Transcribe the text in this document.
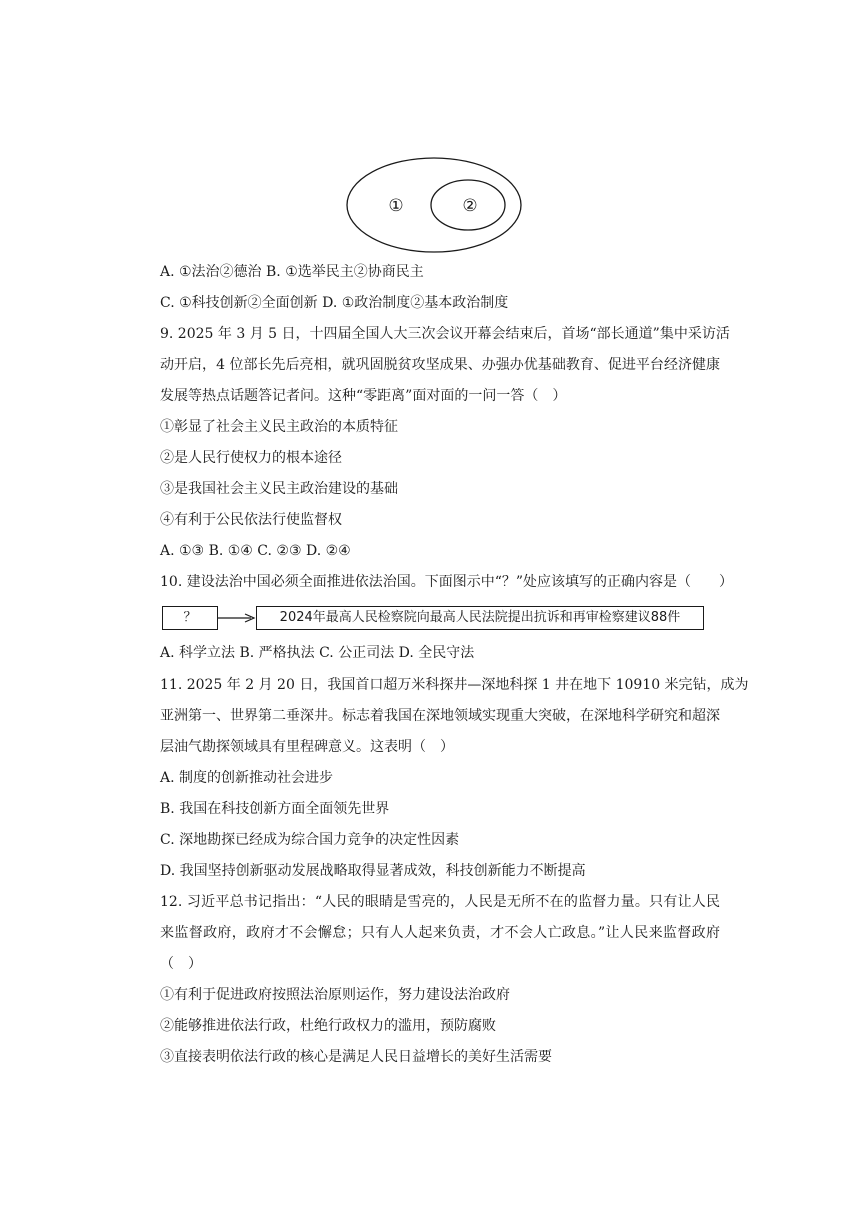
①	②
A. ①法治②德治 B. ①选举民主②协商民主
C. ①科技创新②全面创新 D. ①政治制度②基本政治制度
9. 2025 年 3 月 5 日，十四届全国人大三次会议开幕会结束后，首场“部长通道”集中采访活
动开启，4 位部长先后亮相，就巩固脱贫攻坚成果、办强办优基础教育、促进平台经济健康
发展等热点话题答记者问。这种“零距离”面对面的一问一答（　）
①彰显了社会主义民主政治的本质特征
②是人民行使权力的根本途径
③是我国社会主义民主政治建设的基础
④有利于公民依法行使监督权
A. ①③ B. ①④ C. ②③ D. ②④
10. 建设法治中国必须全面推进依法治国。下面图示中“？”处应该填写的正确内容是（　　）
？	2024年最高人民检察院向最高人民法院提出抗诉和再审检察建议88件
A. 科学立法 B. 严格执法 C. 公正司法 D. 全民守法
11. 2025 年 2 月 20 日，我国首口超万米科探井—深地科探 1 井在地下 10910 米完钻，成为
亚洲第一、世界第二垂深井。标志着我国在深地领域实现重大突破，在深地科学研究和超深
层油气勘探领域具有里程碑意义。这表明（　）
A. 制度的创新推动社会进步
B. 我国在科技创新方面全面领先世界
C. 深地勘探已经成为综合国力竞争的决定性因素
D. 我国坚持创新驱动发展战略取得显著成效，科技创新能力不断提高
12. 习近平总书记指出：“人民的眼睛是雪亮的，人民是无所不在的监督力量。只有让人民
来监督政府，政府才不会懈怠；只有人人起来负责，才不会人亡政息。”让人民来监督政府
（　）
①有利于促进政府按照法治原则运作，努力建设法治政府
②能够推进依法行政，杜绝行政权力的滥用，预防腐败
③直接表明依法行政的核心是满足人民日益增长的美好生活需要
